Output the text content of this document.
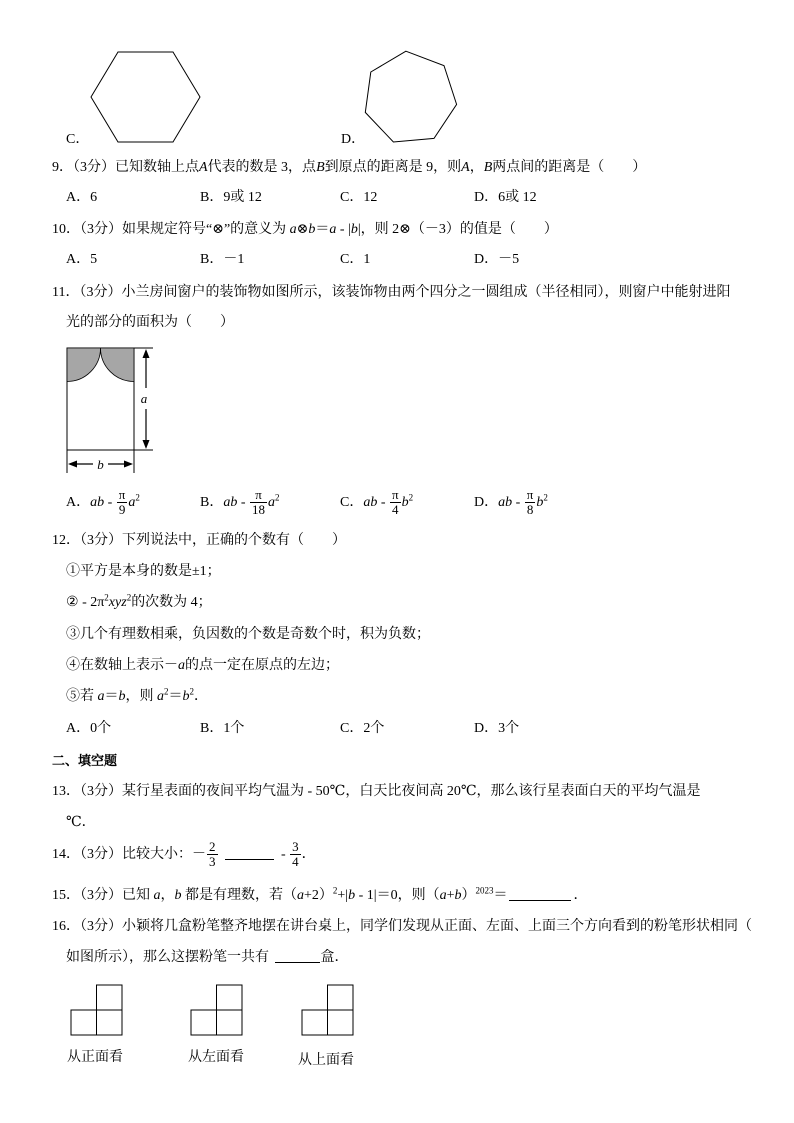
C．	D．
9．（3分）已知数轴上点A代表的数是 3，点B到原点的距离是 9，则A，B两点间的距离是（　　）
A．6	B．9或 12	C．12	D．6或 12
10．（3分）如果规定符号“⊗”的意义为 a⊗b＝a - |b|，则 2⊗（－3）的值是（　　）
A．5	B．－1	C．1	D．－5
11．（3分）小兰房间窗户的装饰物如图所示，该装饰物由两个四分之一圆组成（半径相同），则窗户中能射进阳
光的部分的面积为（　　）
a
b
A．ab - $\frac{\pi}{9} a^2$	B．ab - $\frac{\pi}{18} a^2$	C．ab - $\frac{\pi}{4} b^2$	D．ab - $\frac{\pi}{8} b^2$
12．（3分）下列说法中，正确的个数有（　　）
①平方是本身的数是±1；
② - $2\pi^2xyz^2$的次数为 4；
③几个有理数相乘，负因数的个数是奇数个时，积为负数；
④在数轴上表示－a的点一定在原点的左边；
⑤若 a＝b，则 $a^2=b^2$．
A．0个	B．1个	C．2个	D．3个
二、填空题
13．（3分）某行星表面的夜间平均气温为 - 50℃，白天比夜间高 20℃，那么该行星表面白天的平均气温是
℃．
14．（3分）比较大小：－ $\frac{2}{3}$	- $\frac{3}{4}$ ．
15．（3分）已知 a，b 都是有理数，若$(a+2)^2+|b - 1|=0$，则$(a+b)^{2023}=$	．
16．（3分）小颖将几盒粉笔整齐地摆在讲台桌上，同学们发现从正面、左面、上面三个方向看到的粉笔形状相同（
如图所示），那么这摆粉笔一共有	盒．
从正面看	从左面看	从上面看
